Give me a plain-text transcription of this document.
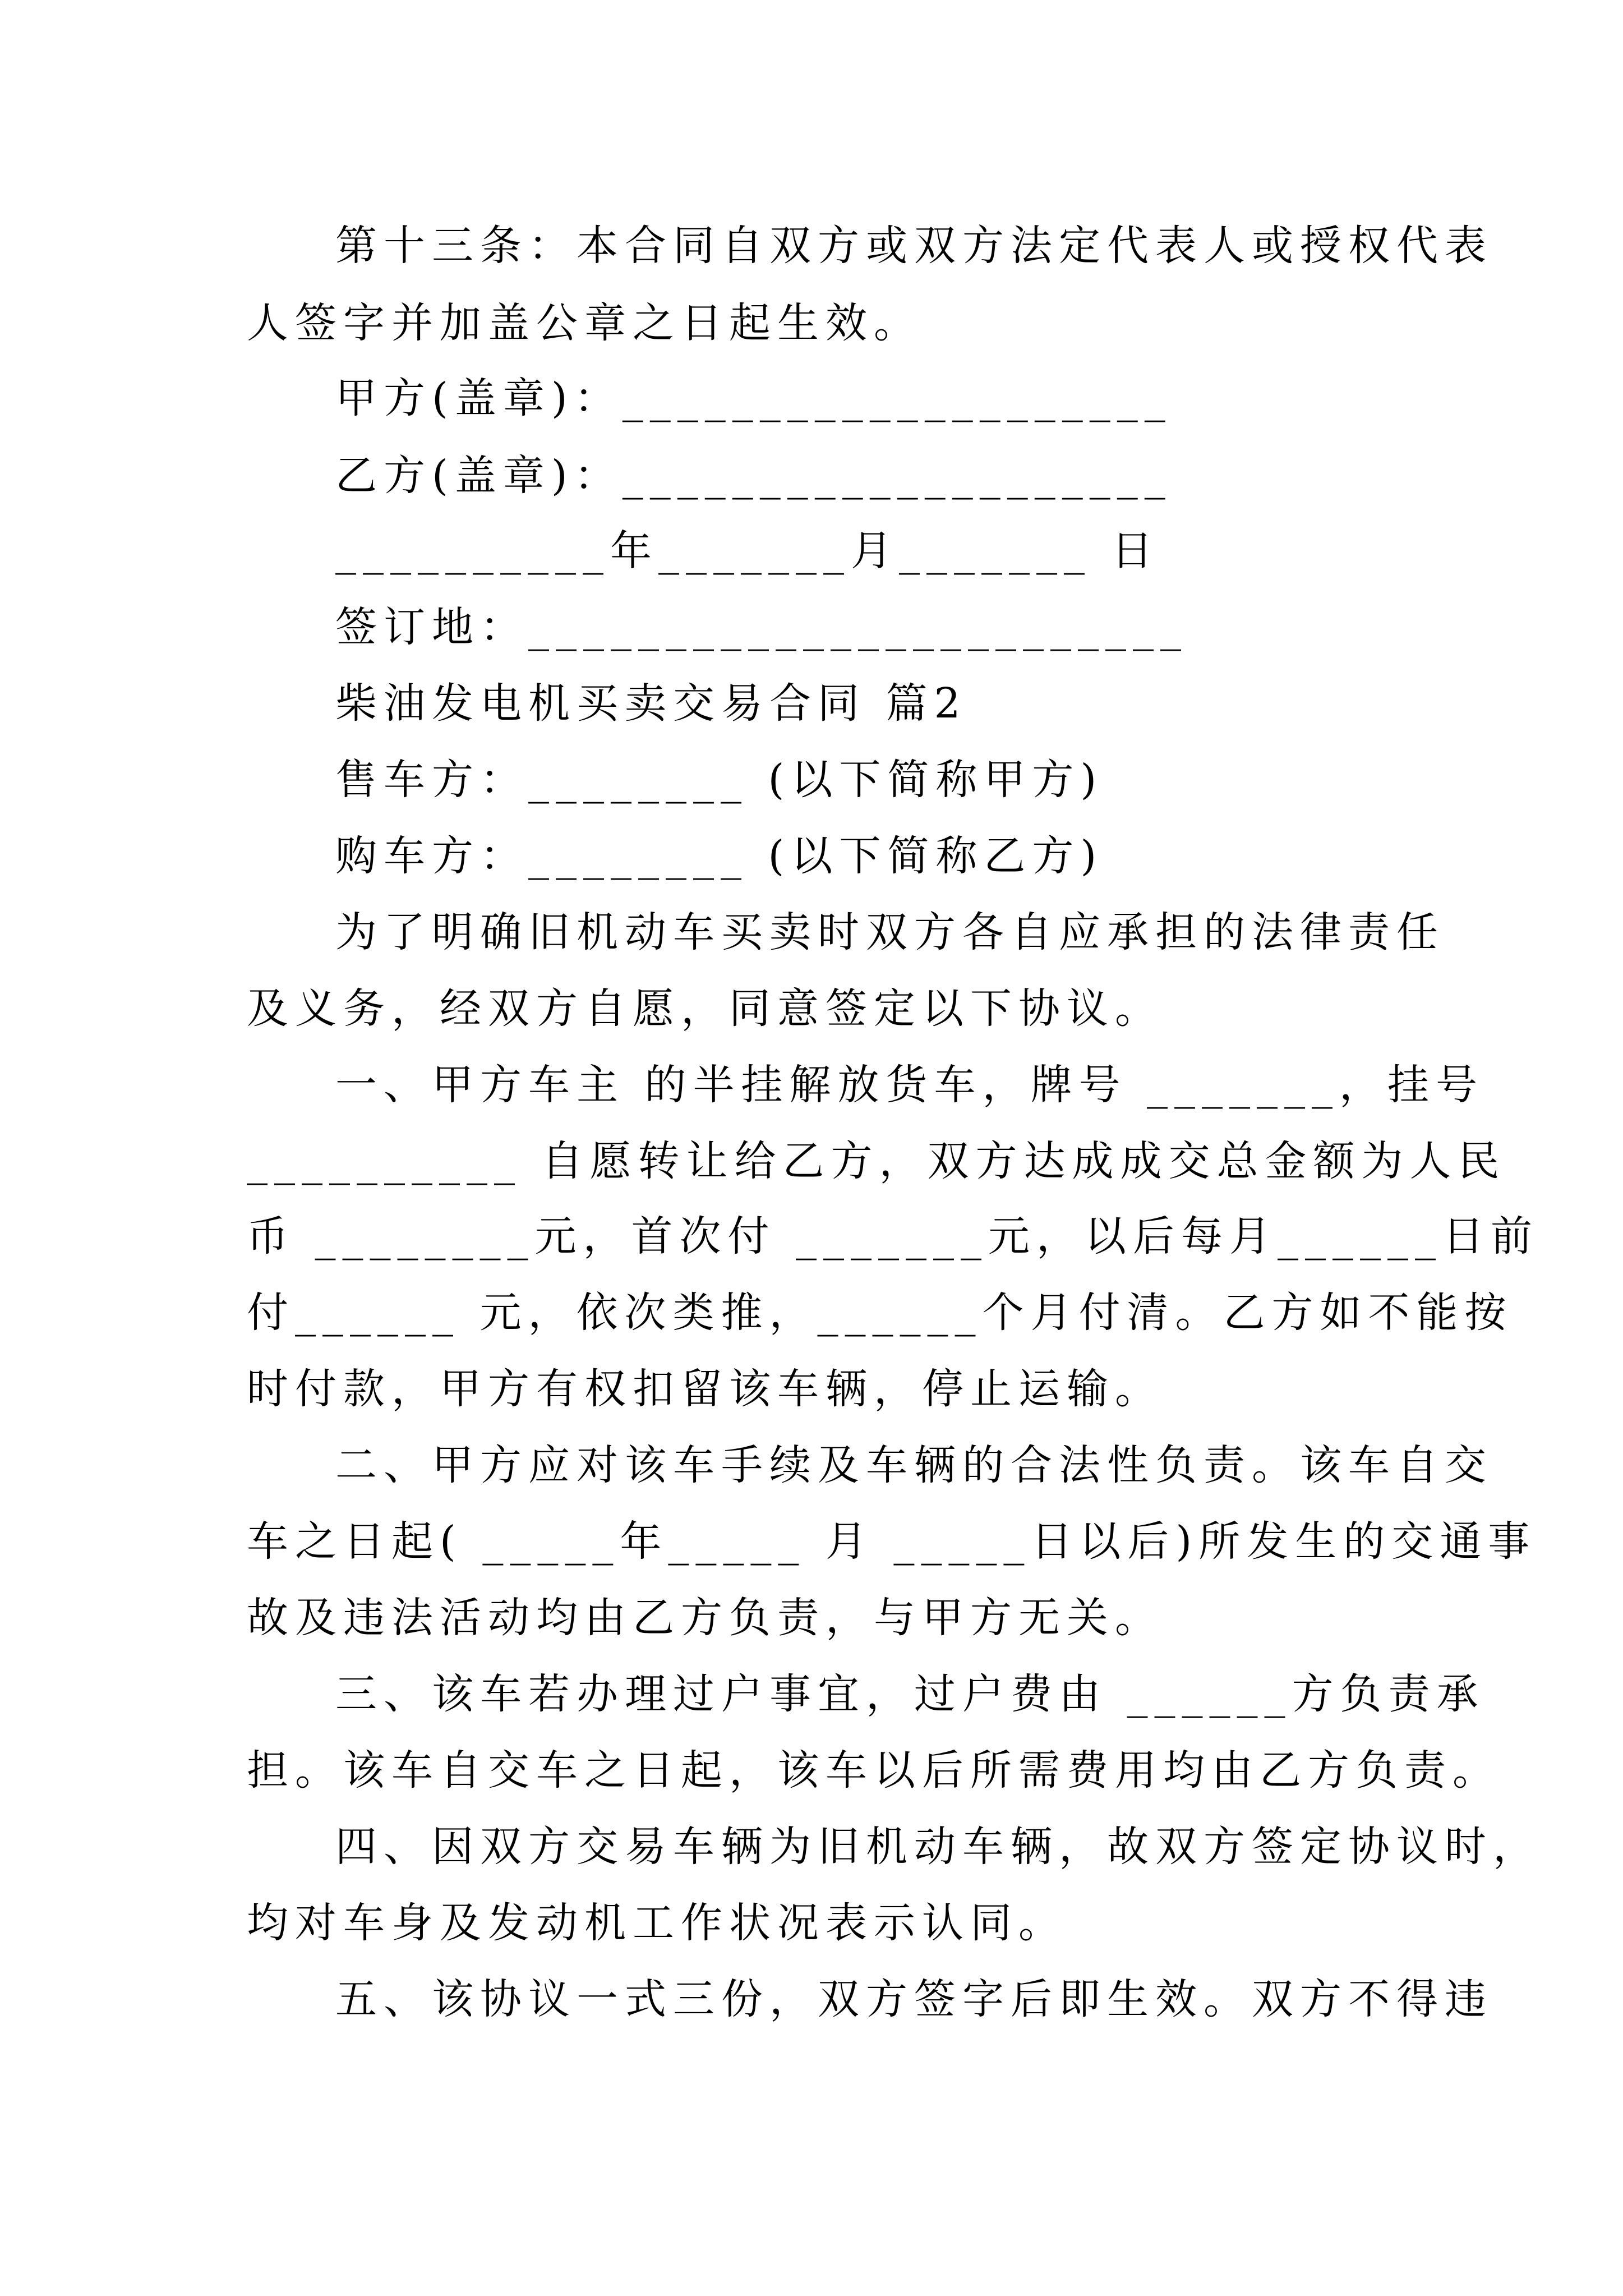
第十三条：本合同自双方或双方法定代表人或授权代表
人签字并加盖公章之日起生效。
甲方(盖章)：____________________
乙方(盖章)：____________________
__________年_______月_______ 日
签订地：________________________
柴油发电机买卖交易合同 篇2
售车方：________ (以下简称甲方)
购车方：________ (以下简称乙方)
为了明确旧机动车买卖时双方各自应承担的法律责任
及义务，经双方自愿，同意签定以下协议。
一、甲方车主 的半挂解放货车，牌号 _______，挂号
__________ 自愿转让给乙方，双方达成成交总金额为人民
币 ________元，首次付 _______元，以后每月______日前
付______ 元，依次类推，______个月付清。乙方如不能按
时付款，甲方有权扣留该车辆，停止运输。
二、甲方应对该车手续及车辆的合法性负责。该车自交
车之日起( _____年_____ 月 _____日以后)所发生的交通事
故及违法活动均由乙方负责，与甲方无关。
三、该车若办理过户事宜，过户费由 ______方负责承
担。该车自交车之日起，该车以后所需费用均由乙方负责。
四、因双方交易车辆为旧机动车辆，故双方签定协议时，
均对车身及发动机工作状况表示认同。
五、该协议一式三份，双方签字后即生效。双方不得违
